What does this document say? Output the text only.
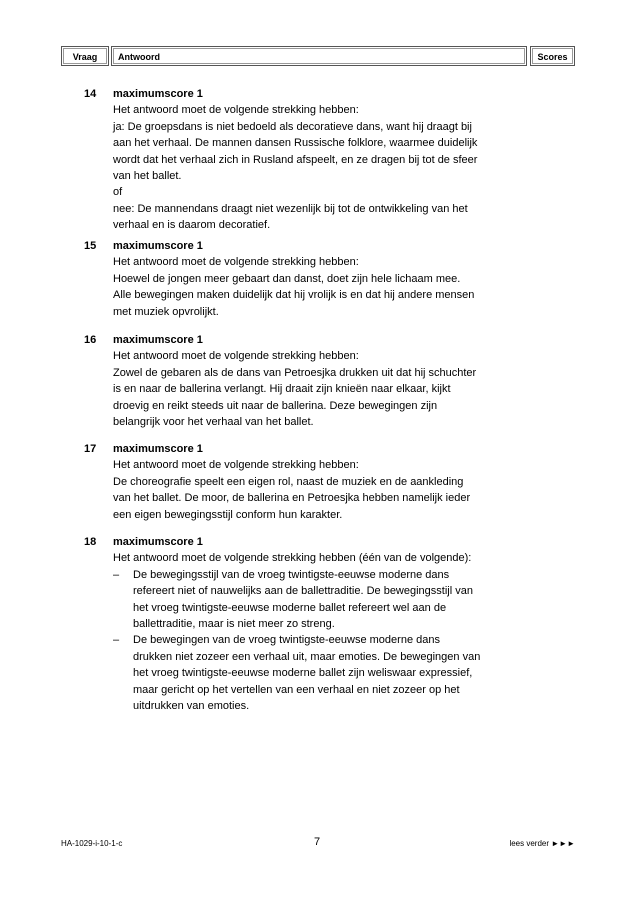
Vraag	Antwoord	Scores
14 maximumscore 1

Het antwoord moet de volgende strekking hebben:

ja: De groepsdans is niet bedoeld als decoratieve dans, want hij draagt bij

aan het verhaal. De mannen dansen Russische folklore, waarmee duidelijk

wordt dat het verhaal zich in Rusland afspeelt, en ze dragen bij tot de sfeer

van het ballet.

of

nee: De mannendans draagt niet wezenlijk bij tot de ontwikkeling van het

verhaal en is daarom decoratief.

15 maximumscore 1

Het antwoord moet de volgende strekking hebben:

Hoewel de jongen meer gebaart dan danst, doet zijn hele lichaam mee.

Alle bewegingen maken duidelijk dat hij vrolijk is en dat hij andere mensen

met muziek opvrolijkt.

16 maximumscore 1

Het antwoord moet de volgende strekking hebben:

Zowel de gebaren als de dans van Petroesjka drukken uit dat hij schuchter

is en naar de ballerina verlangt. Hij draait zijn knieën naar elkaar, kijkt

droevig en reikt steeds uit naar de ballerina. Deze bewegingen zijn

belangrijk voor het verhaal van het ballet.

17 maximumscore 1

Het antwoord moet de volgende strekking hebben:

De choreografie speelt een eigen rol, naast de muziek en de aankleding

van het ballet. De moor, de ballerina en Petroesjka hebben namelijk ieder

een eigen bewegingsstijl conform hun karakter.

18 maximumscore 1

Het antwoord moet de volgende strekking hebben (één van de volgende):

– De bewegingsstijl van de vroeg twintigste-eeuwse moderne dans

refereert niet of nauwelijks aan de ballettraditie. De bewegingsstijl van

het vroeg twintigste-eeuwse moderne ballet refereert wel aan de

ballettraditie, maar is niet meer zo streng.

– De bewegingen van de vroeg twintigste-eeuwse moderne dans

drukken niet zozeer een verhaal uit, maar emoties. De bewegingen van

het vroeg twintigste-eeuwse moderne ballet zijn weliswaar expressief,

maar gericht op het vertellen van een verhaal en niet zozeer op het

uitdrukken van emoties.

HA-1029-i-10-1-c	7	lees verder ►►►
